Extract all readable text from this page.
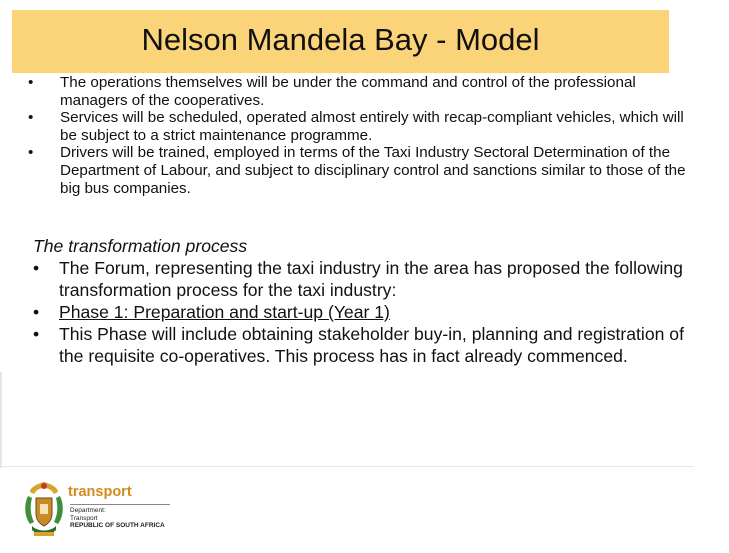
Nelson Mandela Bay - Model
•	The operations themselves will be under the command and control of the professional managers of the cooperatives.
•	Services will be scheduled, operated almost entirely with recap-compliant vehicles, which will be subject to a strict maintenance programme.
•	Drivers will be trained, employed in terms of the Taxi Industry Sectoral Determination of the Department of Labour, and subject to disciplinary control and sanctions similar to those of the big bus companies.

The transformation process

• The Forum, representing the taxi industry in the area has proposed the following transformation process for the taxi industry:
• Phase 1: Preparation and start-up (Year 1)
• This Phase will include obtaining stakeholder buy-in, planning and registration of the requisite co-operatives. This process has in fact already commenced.
transport
Department:
Transport
REPUBLIC OF SOUTH AFRICA
